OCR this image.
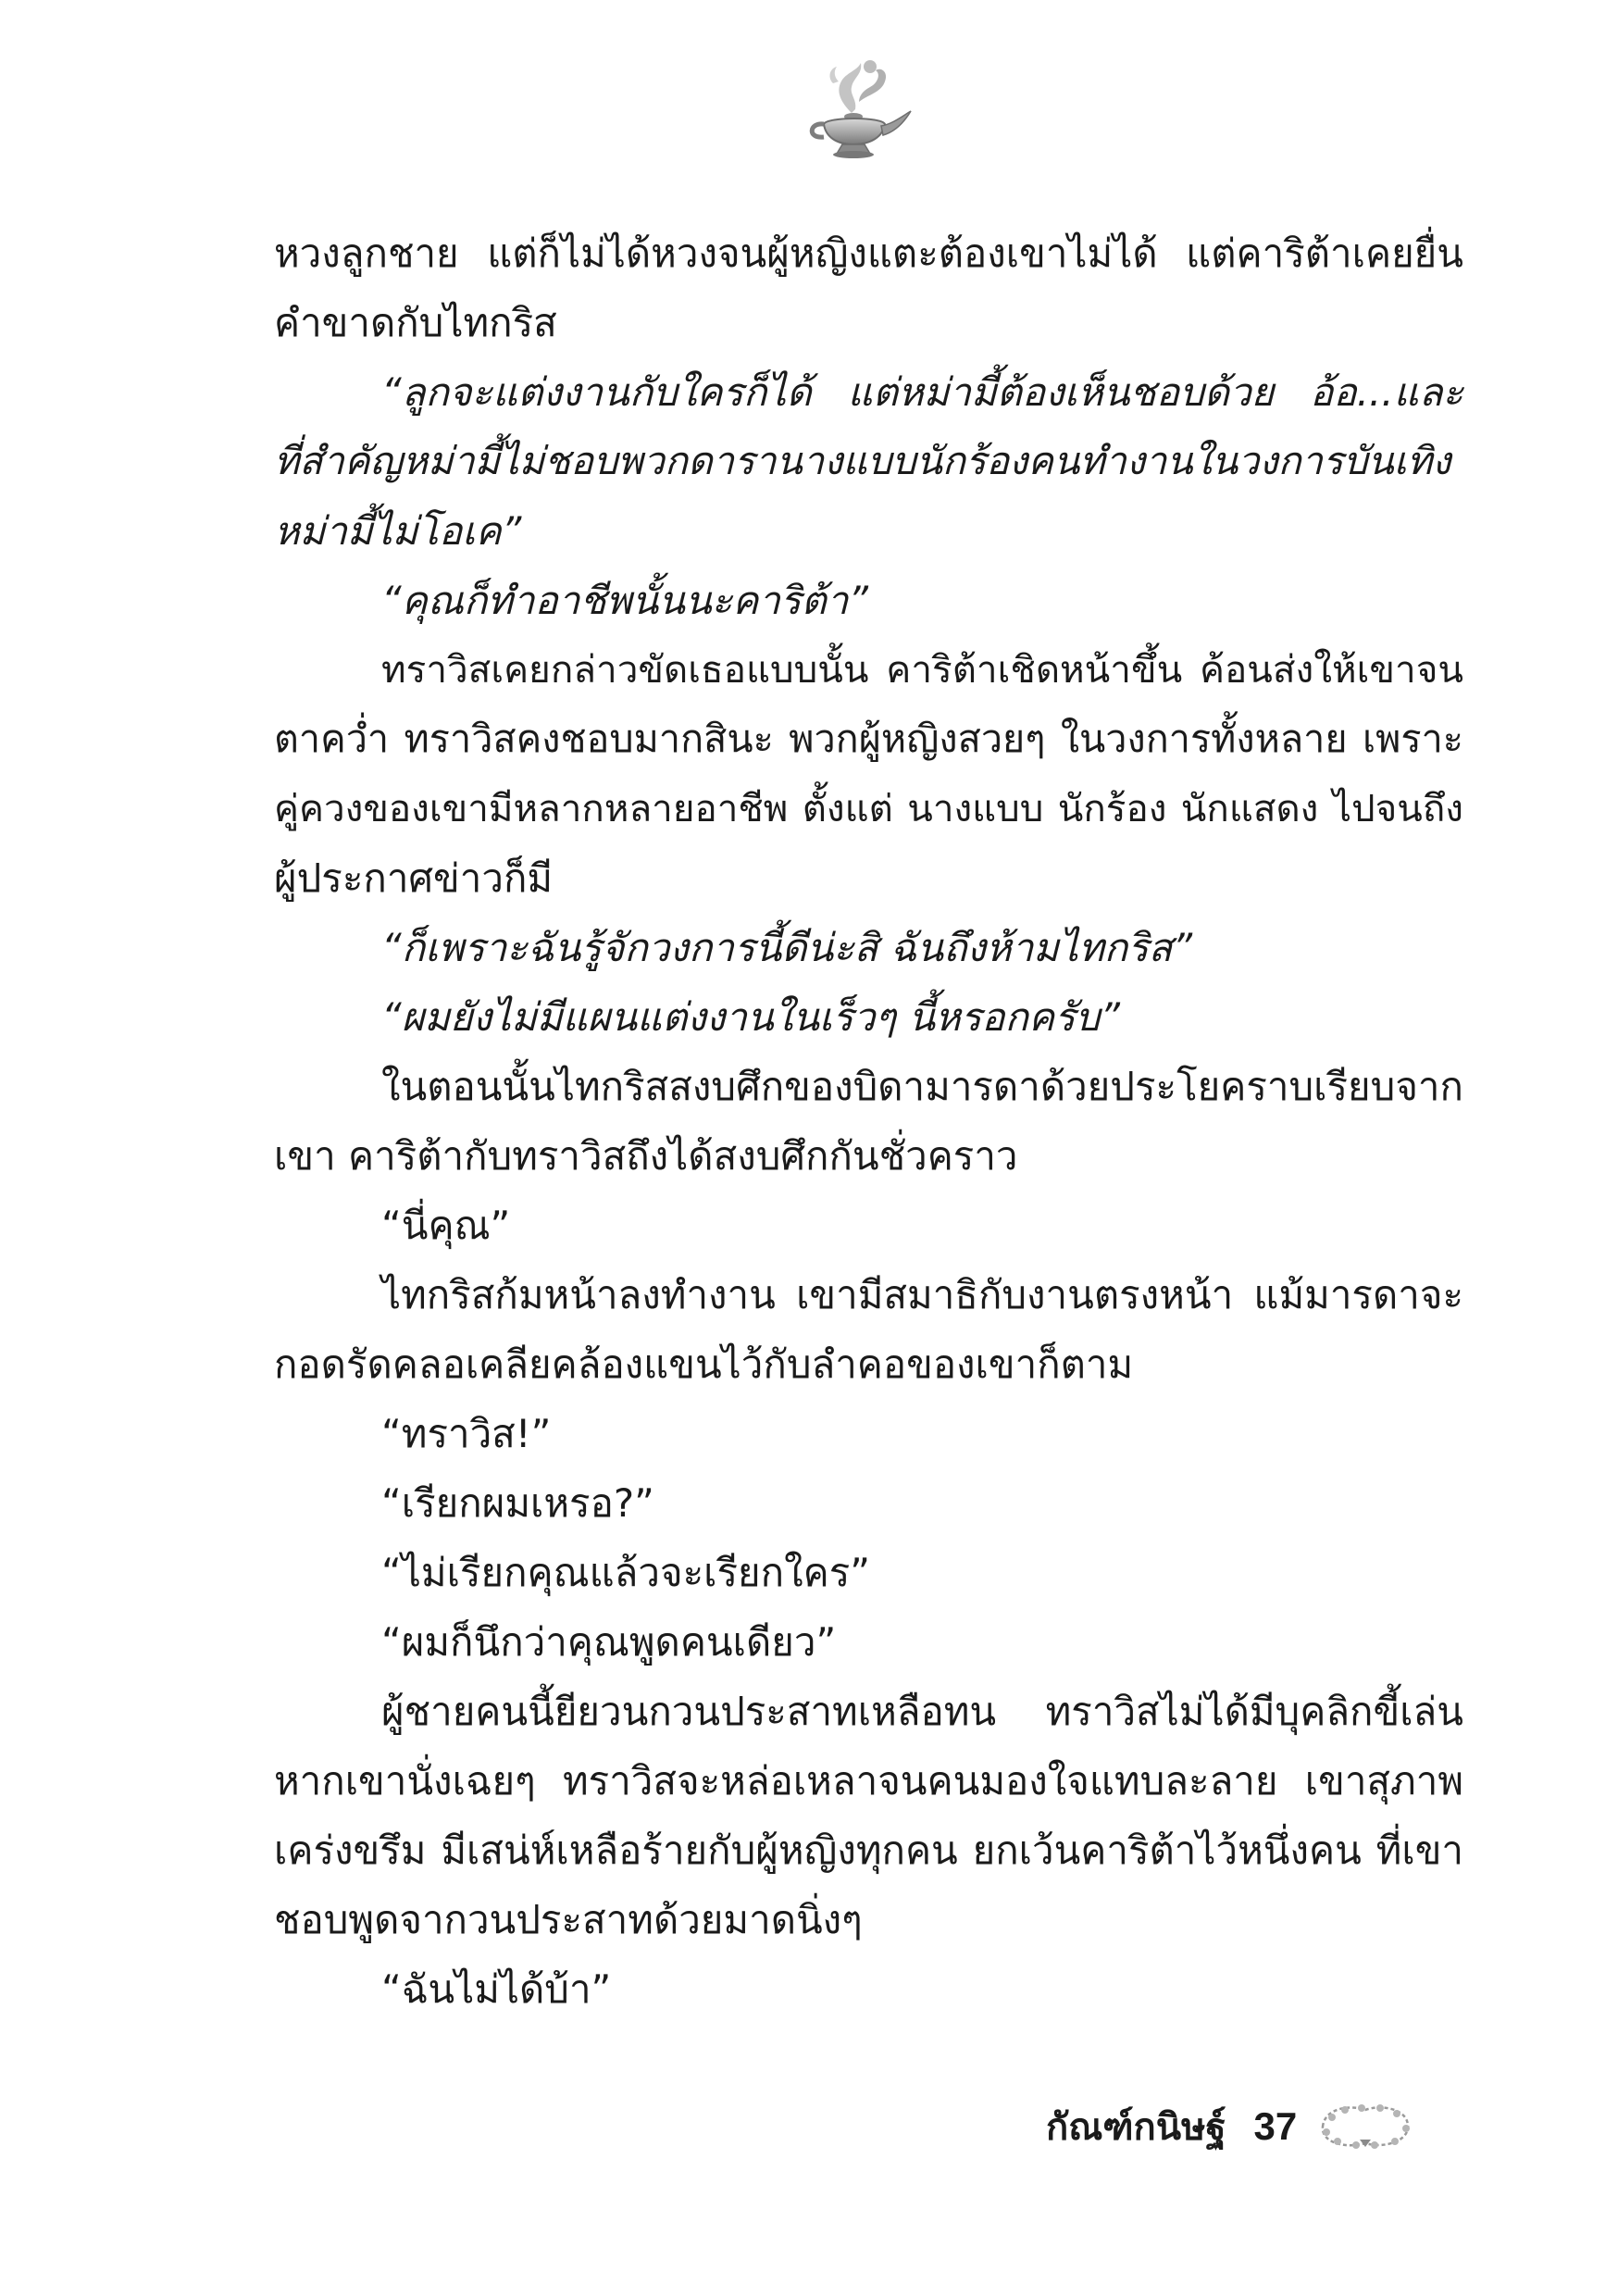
หวงลูกชาย แต่ก็ไม่ได้หวงจนผู้หญิงแตะต้องเขาไม่ได้ แต่คาริต้าเคยยื่น
คำขาดกับไทกริส
“ลูกจะแต่งงานกับใครก็ได้ แต่หม่ามี้ต้องเห็นชอบด้วย อ้อ...และ
ที่สำคัญหม่ามี้ไม่ชอบพวกดารานางแบบนักร้องคนทำงานในวงการบันเทิง
หม่ามี้ไม่โอเค”
“คุณก็ทำอาชีพนั้นนะคาริต้า”
ทราวิสเคยกล่าวขัดเธอแบบนั้น คาริต้าเชิดหน้าขึ้น ค้อนส่งให้เขาจน
ตาคว่ำ ทราวิสคงชอบมากสินะ พวกผู้หญิงสวยๆ ในวงการทั้งหลาย เพราะ
คู่ควงของเขามีหลากหลายอาชีพ ตั้งแต่ นางแบบ นักร้อง นักแสดง ไปจนถึง
ผู้ประกาศข่าวก็มี
“ก็เพราะฉันรู้จักวงการนี้ดีน่ะสิ ฉันถึงห้ามไทกริส”
“ผมยังไม่มีแผนแต่งงานในเร็วๆ นี้หรอกครับ”
ในตอนนั้นไทกริสสงบศึกของบิดามารดาด้วยประโยคราบเรียบจาก
เขา คาริต้ากับทราวิสถึงได้สงบศึกกันชั่วคราว
“นี่คุณ”
ไทกริสก้มหน้าลงทำงาน เขามีสมาธิกับงานตรงหน้า แม้มารดาจะ
กอดรัดคลอเคลียคล้องแขนไว้กับลำคอของเขาก็ตาม
“ทราวิส!”
“เรียกผมเหรอ?”
“ไม่เรียกคุณแล้วจะเรียกใคร”
“ผมก็นึกว่าคุณพูดคนเดียว”
ผู้ชายคนนี้ยียวนกวนประสาทเหลือทน ทราวิสไม่ได้มีบุคลิกขี้เล่น
หากเขานั่งเฉยๆ ทราวิสจะหล่อเหลาจนคนมองใจแทบละลาย เขาสุภาพ
เคร่งขรึม มีเสน่ห์เหลือร้ายกับผู้หญิงทุกคน ยกเว้นคาริต้าไว้หนึ่งคน ที่เขา
ชอบพูดจากวนประสาทด้วยมาดนิ่งๆ
“ฉันไม่ได้บ้า”
กัณฑ์กนิษฐ์ 37
